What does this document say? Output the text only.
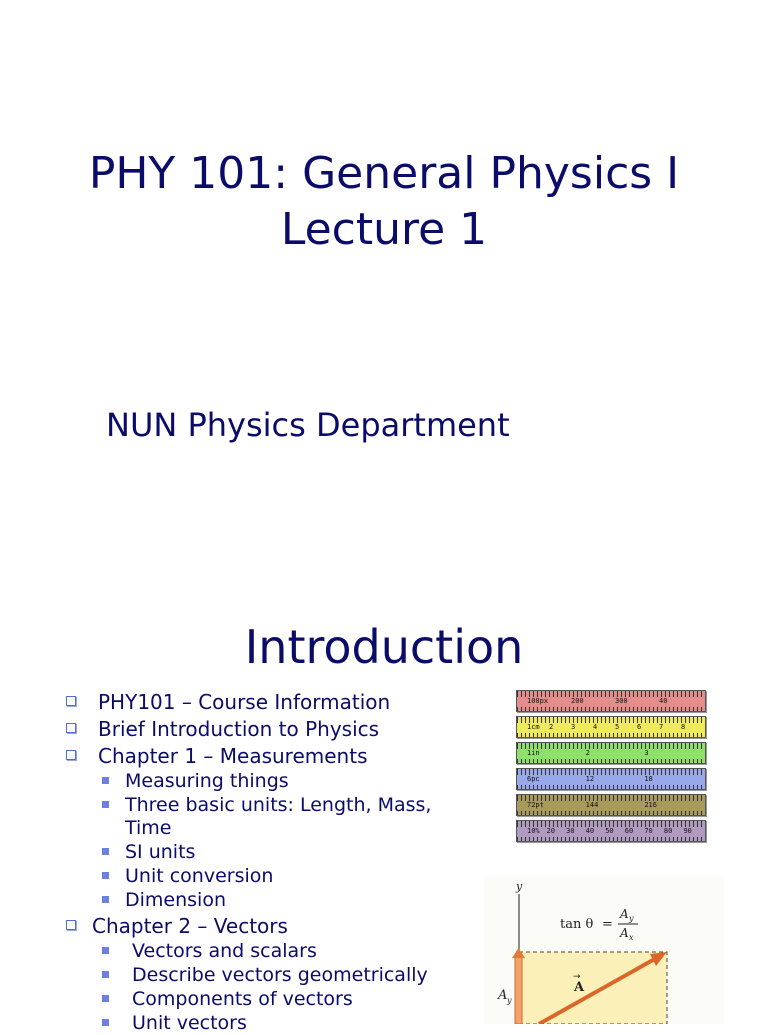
PHY 101: General Physics I
Lecture 1
NUN Physics Department
Introduction
PHY101 – Course Information
Brief Introduction to Physics
Chapter 1 – Measurements
Measuring things
Three basic units: Length, Mass, Time
SI units
Unit conversion
Dimension
Chapter 2 – Vectors
Vectors and scalars
Describe vectors geometrically
Components of vectors
Unit vectors
100px	200	300	40
1cm 2	3	4	5	6	7	8
1in	2	3
6pc	12	18
72pt	144	216
10% 20 30 40 50 60 70 80 90
y
A
→
A y
tan θ =
A y
A x
